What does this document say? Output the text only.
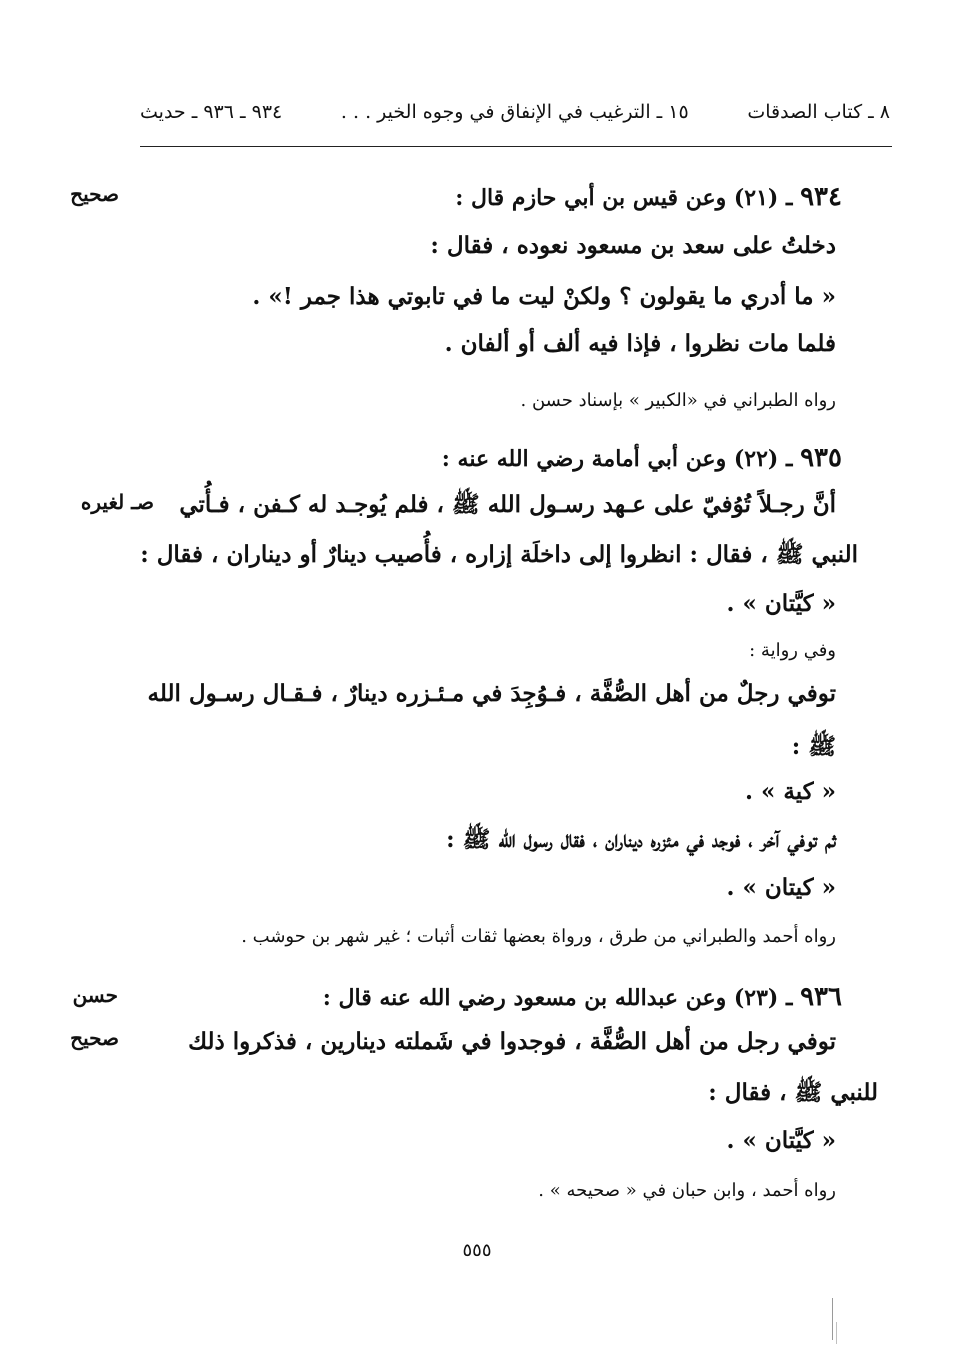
٨ ـ كتاب الصدقات
١٥ ـ الترغيب في الإنفاق في وجوه الخير . . .
٩٣٤ ـ ٩٣٦ ـ حديث
صحيح	٩٣٤ ـ (٢١) وعن قيس بن أبي حازم قال :
دخلتُ على سعد بن مسعود نعوده ، فقال :
« ما أدري ما يقولون ؟ ولكنْ ليت ما في تابوتي هذا جمر !» .
فلما مات نظروا ، فإذا فيه ألف أو ألفان .
رواه الطبراني في «الكبير » بإسناد حسن .
٩٣٥ ـ (٢٢) وعن أبي أمامة رضي الله عنه :
أنَّ رجـلاً تُوُفيّ على عـهد رسـول الله ﷺ ، فلم يُوجـد له كـفن ، فـأُتي
صـ لغيره
النبي ﷺ ، فقال : انظروا إلى داخلَة إزاره ، فأُصيب دينارٌ أو ديناران ، فقال :
« كيَّتان » .
وفي رواية :
توفي رجلٌ من أهل الصُّفَّة ، فـوُجِدَ في مـئـزره دينارٌ ، فـقـال رسـول الله
ﷺ :
« كية » .
ثم توفي آخر ، فوجد في مئزره ديناران ، فقال رسول الله ﷺ :
« كيتان » .
رواه أحمد والطبراني من طرق ، ورواة بعضها ثقات أثبات ؛ غير شهر بن حوشب .
حسن	٩٣٦ ـ (٢٣) وعن عبدالله بن مسعود رضي الله عنه قال :
صحيح	توفي رجل من أهل الصُّفَّة ، فوجدوا في شَملته دينارين ، فذكروا ذلك
للنبي ﷺ ، فقال :
« كيَّتان » .
رواه أحمد ، وابن حبان في « صحيحه » .
٥٥٥
